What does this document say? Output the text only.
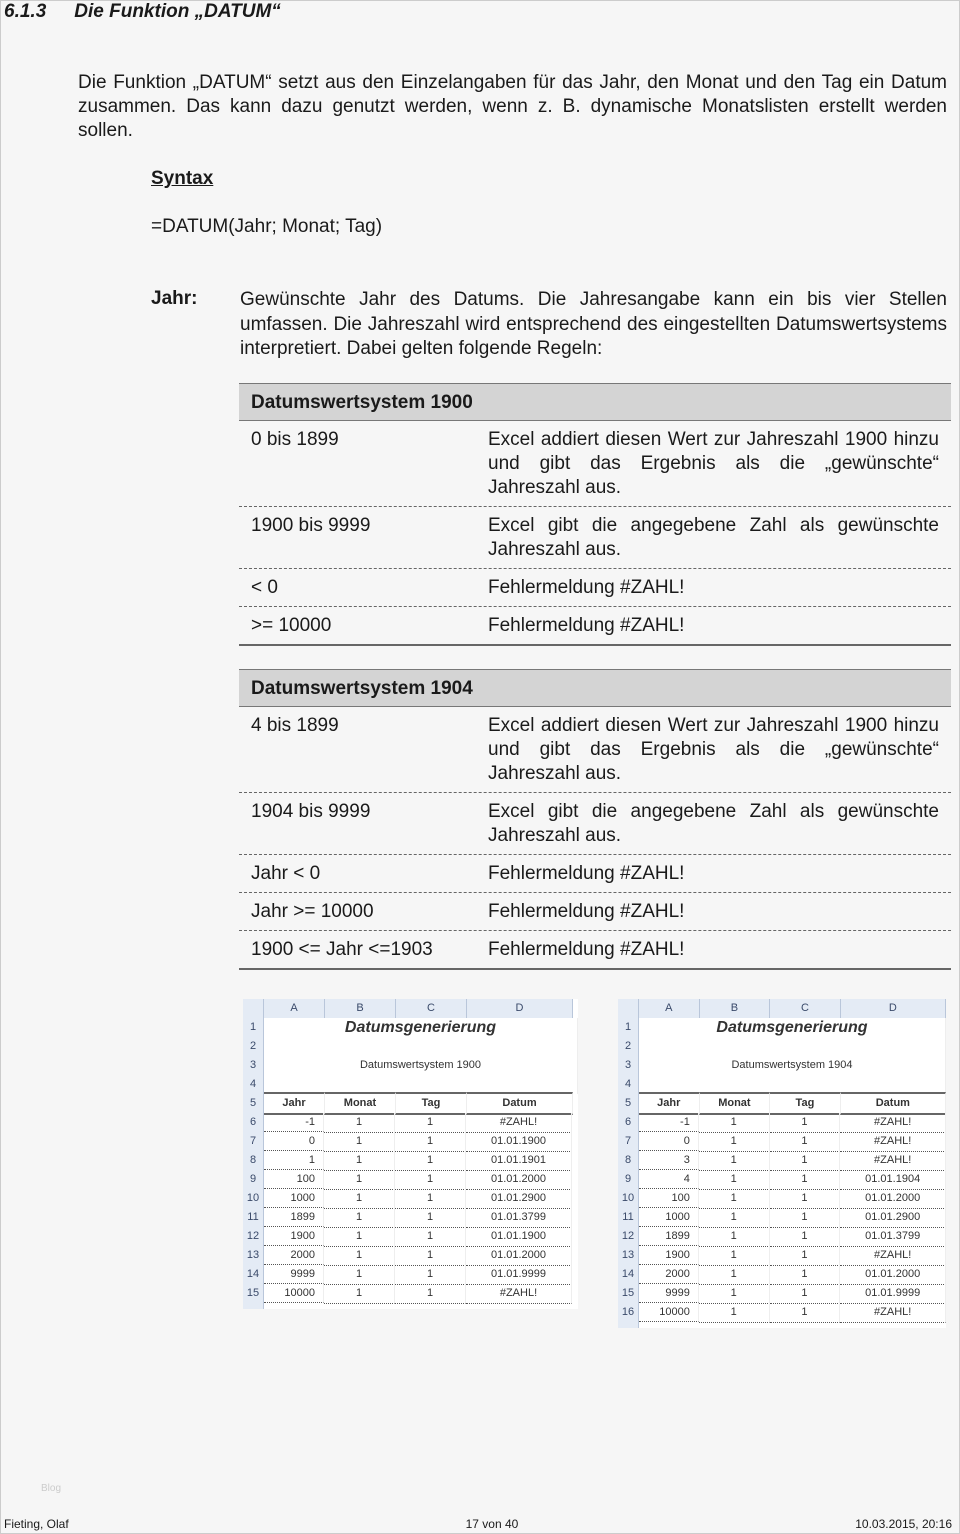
6.1.3 Die Funktion „DATUM“
Die Funktion „DATUM“ setzt aus den Einzelangaben für das Jahr, den Monat und den Tag ein Datum zusammen. Das kann dazu genutzt werden, wenn z. B. dynamische Monatslisten erstellt werden sollen.
Syntax
=DATUM(Jahr; Monat; Tag)
Jahr: Gewünschte Jahr des Datums. Die Jahresangabe kann ein bis vier Stellen umfassen. Die Jahreszahl wird entsprechend des eingestellten Datumswertsystems interpretiert. Dabei gelten folgende Regeln:
Datumswertsystem 1900
0 bis 1899	Excel addiert diesen Wert zur Jahreszahl 1900 hinzu und gibt das Ergebnis als die „gewünschte“ Jahreszahl aus.
1900 bis 9999	Excel gibt die angegebene Zahl als gewünschte Jahreszahl aus.
< 0	Fehlermeldung #ZAHL!
>= 10000	Fehlermeldung #ZAHL!
Datumswertsystem 1904
4 bis 1899	Excel addiert diesen Wert zur Jahreszahl 1900 hinzu und gibt das Ergebnis als die „gewünschte“ Jahreszahl aus.
1904 bis 9999	Excel gibt die angegebene Zahl als gewünschte Jahreszahl aus.
Jahr < 0	Fehlermeldung #ZAHL!
Jahr >= 10000	Fehlermeldung #ZAHL!
1900 <= Jahr <=1903	Fehlermeldung #ZAHL!
A	B	C	D
1	Datumsgenerierung
2
3	Datumswertsystem 1900
4
5	Jahr	Monat	Tag	Datum
6	-1	1	1	#ZAHL!
7	0	1	1	01.01.1900
8	1	1	1	01.01.1901
9	100	1	1	01.01.2000
10	1000	1	1	01.01.2900
11	1899	1	1	01.01.3799
12	1900	1	1	01.01.1900
13	2000	1	1	01.01.2000
14	9999	1	1	01.01.9999
15	10000	1	1	#ZAHL!
A	B	C	D
1	Datumsgenerierung
2
3	Datumswertsystem 1904
4
5	Jahr	Monat	Tag	Datum
6	-1	1	1	#ZAHL!
7	0	1	1	#ZAHL!
8	3	1	1	#ZAHL!
9	4	1	1	01.01.1904
10	100	1	1	01.01.2000
11	1000	1	1	01.01.2900
12	1899	1	1	01.01.3799
13	1900	1	1	#ZAHL!
14	2000	1	1	01.01.2000
15	9999	1	1	01.01.9999
16	10000	1	1	#ZAHL!
Blog
Fieting, Olaf	17 von 40	10.03.2015, 20:16
